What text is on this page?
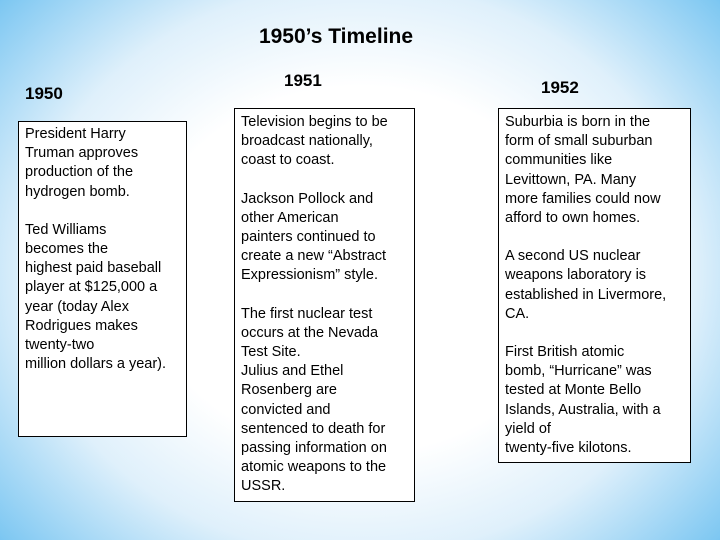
1950’s Timeline
1950
1951	1952

President Harry
Truman approves
production of the
hydrogen bomb.

Ted Williams
becomes the
highest paid baseball
player at $125,000 a
year (today Alex
Rodrigues makes
twenty-two
million dollars a year).

Television begins to be
broadcast nationally,
coast to coast.

Jackson Pollock and
other American
painters continued to
create a new “Abstract
Expressionism” style.

The first nuclear test
occurs at the Nevada
Test Site.
Julius and Ethel
Rosenberg are
convicted and
sentenced to death for
passing information on
atomic weapons to the
USSR.

Suburbia is born in the
form of small suburban
communities like
Levittown, PA. Many
more families could now
afford to own homes.

A second US nuclear
weapons laboratory is
established in Livermore,
CA.

First British atomic
bomb, “Hurricane” was
tested at Monte Bello
Islands, Australia, with a
yield of
twenty-five kilotons.
